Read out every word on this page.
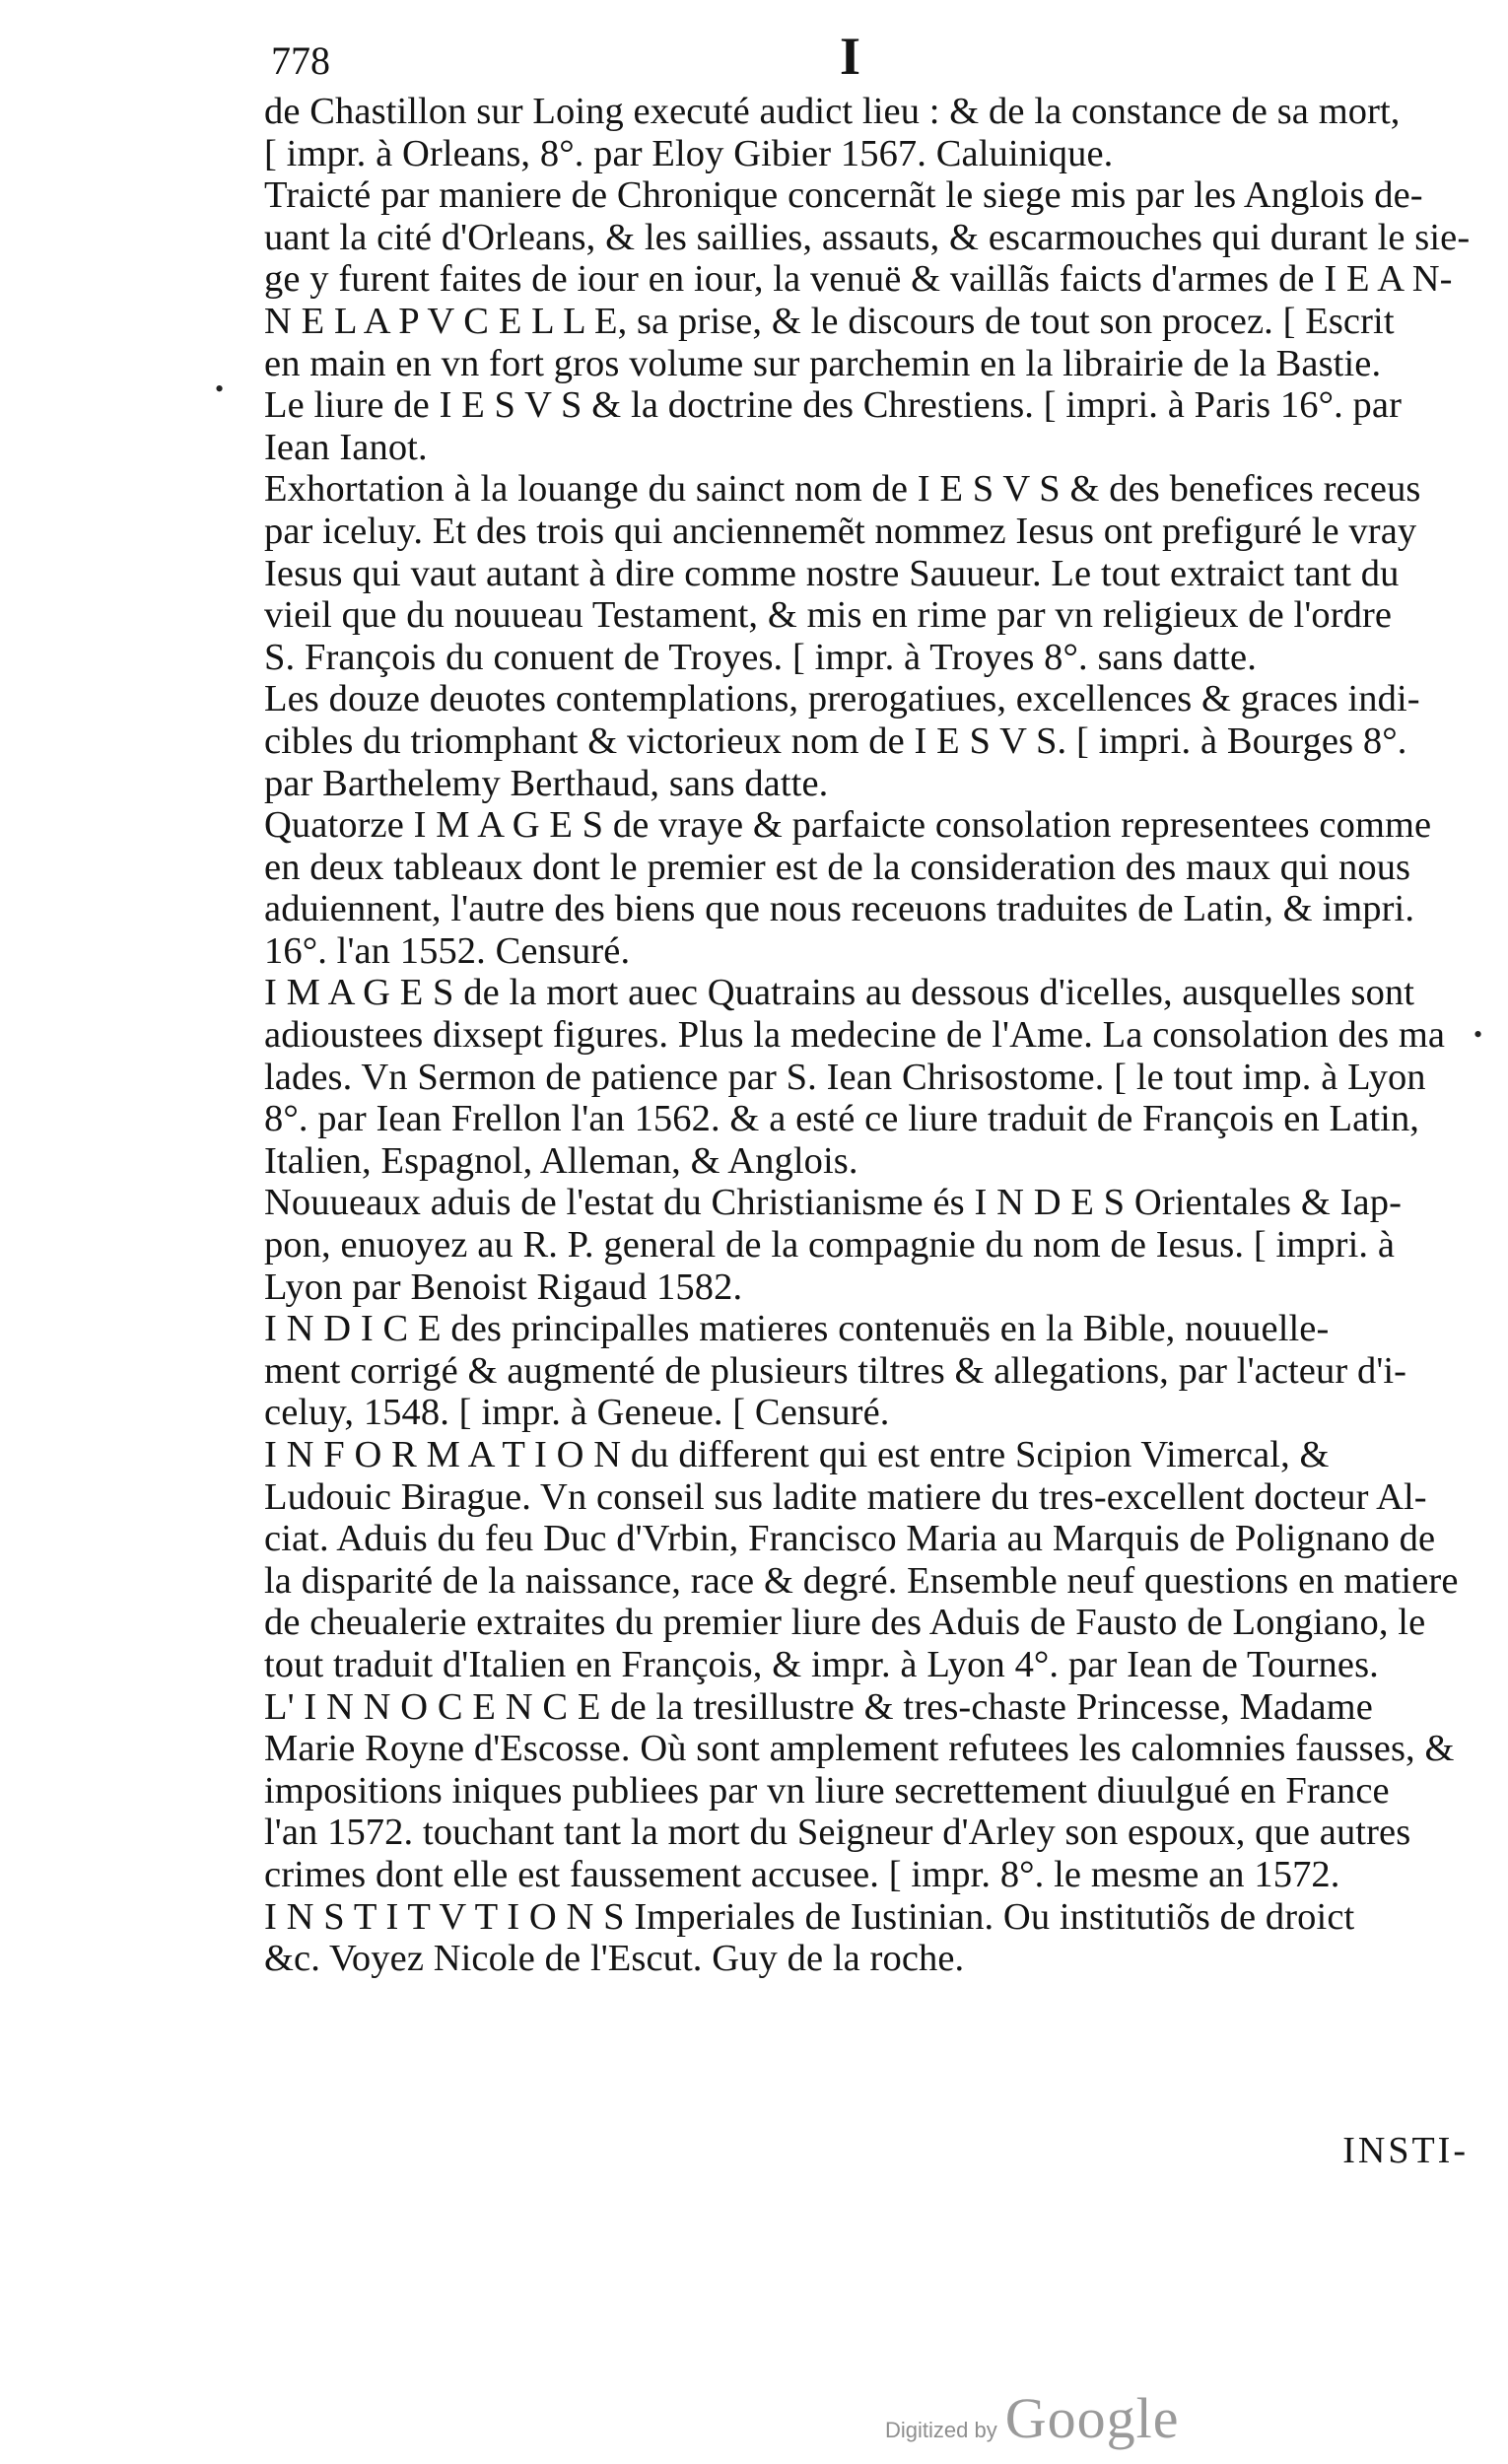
778	I
•
•
de Chastillon sur Loing executé audict lieu : & de la constance de sa mort,
[ impr. à Orleans, 8°. par Eloy Gibier 1567. Caluinique.
Traicté par maniere de Chronique concernãt le siege mis par les Anglois de-
uant la cité d'Orleans, & les saillies, assauts, & escarmouches qui durant le sie-
ge y furent faites de iour en iour, la venuë & vaillãs faicts d'armes de I E A N-
N E L A P V C E L L E, sa prise, & le discours de tout son procez. [ Escrit
en main en vn fort gros volume sur parchemin en la librairie de la Bastie.
Le liure de I E S V S & la doctrine des Chrestiens. [ impri. à Paris 16°. par
Iean Ianot.
Exhortation à la louange du sainct nom de I E S V S & des benefices receus
par iceluy. Et des trois qui anciennemẽt nommez Iesus ont prefiguré le vray
Iesus qui vaut autant à dire comme nostre Sauueur. Le tout extraict tant du
vieil que du nouueau Testament, & mis en rime par vn religieux de l'ordre
S. François du conuent de Troyes. [ impr. à Troyes 8°. sans datte.
Les douze deuotes contemplations, prerogatiues, excellences & graces indi-
cibles du triomphant & victorieux nom de I E S V S. [ impri. à Bourges 8°.
par Barthelemy Berthaud, sans datte.
Quatorze I M A G E S de vraye & parfaicte consolation representees comme
en deux tableaux dont le premier est de la consideration des maux qui nous
aduiennent, l'autre des biens que nous receuons traduites de Latin, & impri.
16°. l'an 1552. Censuré.
I M A G E S de la mort auec Quatrains au dessous d'icelles, ausquelles sont
adioustees dixsept figures. Plus la medecine de l'Ame. La consolation des ma
lades. Vn Sermon de patience par S. Iean Chrisostome. [ le tout imp. à Lyon
8°. par Iean Frellon l'an 1562. & a esté ce liure traduit de François en Latin,
Italien, Espagnol, Alleman, & Anglois.
Nouueaux aduis de l'estat du Christianisme és I N D E S Orientales & Iap-
pon, enuoyez au R. P. general de la compagnie du nom de Iesus. [ impri. à
Lyon par Benoist Rigaud 1582.
I N D I C E des principalles matieres contenuës en la Bible, nouuelle-
ment corrigé & augmenté de plusieurs tiltres & allegations, par l'acteur d'i-
celuy, 1548. [ impr. à Geneue. [ Censuré.
I N F O R M A T I O N du different qui est entre Scipion Vimercal, &
Ludouic Birague. Vn conseil sus ladite matiere du tres-excellent docteur Al-
ciat. Aduis du feu Duc d'Vrbin, Francisco Maria au Marquis de Polignano de
la disparité de la naissance, race & degré. Ensemble neuf questions en matiere
de cheualerie extraites du premier liure des Aduis de Fausto de Longiano, le
tout traduit d'Italien en François, & impr. à Lyon 4°. par Iean de Tournes.
L' I N N O C E N C E de la tresillustre & tres-chaste Princesse, Madame
Marie Royne d'Escosse. Où sont amplement refutees les calomnies fausses, &
impositions iniques publiees par vn liure secrettement diuulgué en France
l'an 1572. touchant tant la mort du Seigneur d'Arley son espoux, que autres
crimes dont elle est faussement accusee. [ impr. 8°. le mesme an 1572.
I N S T I T V T I O N S Imperiales de Iustinian. Ou institutiõs de droict
&c. Voyez Nicole de l'Escut. Guy de la roche.
INSTI-
Digitized by Google
